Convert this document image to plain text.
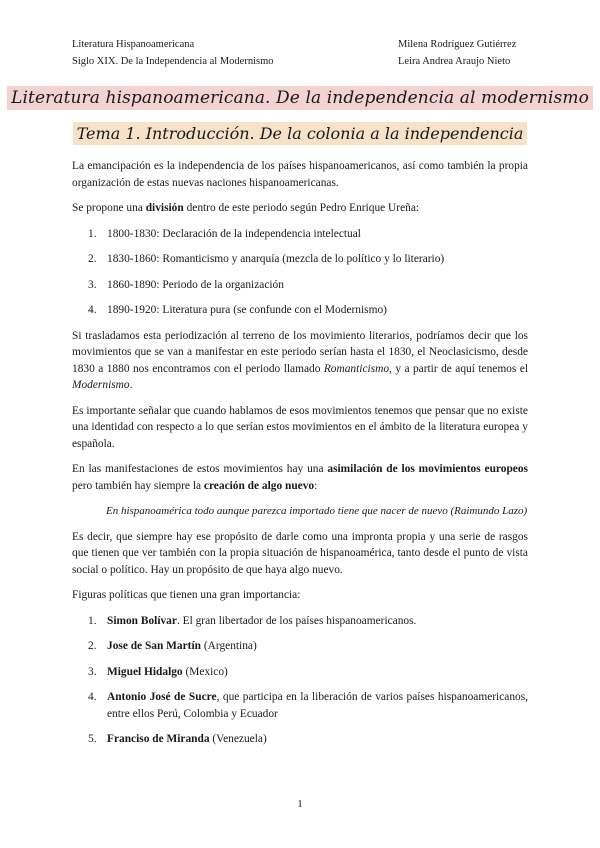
Literatura Hispanoamericana
Siglo XIX. De la Independencia al Modernismo
Milena Rodríguez Gutiérrez
Leira Andrea Araujo Nieto
Literatura hispanoamericana. De la independencia al modernismo
Tema 1. Introducción. De la colonia a la independencia

La emancipación es la independencia de los países hispanoamericanos, así como también la propia organización de estas nuevas naciones hispanoamericanas.

Se propone una división dentro de este periodo según Pedro Enrique Ureña:

1. 1800-1830: Declaración de la independencia intelectual
2. 1830-1860: Romanticismo y anarquía (mezcla de lo político y lo literario)
3. 1860-1890: Periodo de la organización
4. 1890-1920: Literatura pura (se confunde con el Modernismo)

Si trasladamos esta periodización al terreno de los movimiento literarios, podríamos decir que los movimientos que se van a manifestar en este periodo serían hasta el 1830, el Neoclasicismo, desde 1830 a 1880 nos encontramos con el periodo llamado Romanticismo, y a partir de aquí tenemos el Modernismo.

Es importante señalar que cuando hablamos de esos movimientos tenemos que pensar que no existe una identidad con respecto a lo que serían estos movimientos en el ámbito de la literatura europea y española.

En las manifestaciones de estos movimientos hay una asimilación de los movimientos europeos pero también hay siempre la creación de algo nuevo:

En hispanoamérica todo aunque parezca importado tiene que nacer de nuevo (Raimundo Lazo)

Es decir, que siempre hay ese propósito de darle como una impronta propia y una serie de rasgos que tienen que ver también con la propia situación de hispanoamérica, tanto desde el punto de vista social o político. Hay un propósito de que haya algo nuevo.

Figuras políticas que tienen una gran importancia:

1. Simon Bolívar. El gran libertador de los países hispanoamericanos.
2. Jose de San Martín (Argentina)
3. Miguel Hidalgo (Mexico)
4. Antonio José de Sucre, que participa en la liberación de varios países hispanoamericanos, entre ellos Perú, Colombia y Ecuador
5. Franciso de Miranda (Venezuela)
1
